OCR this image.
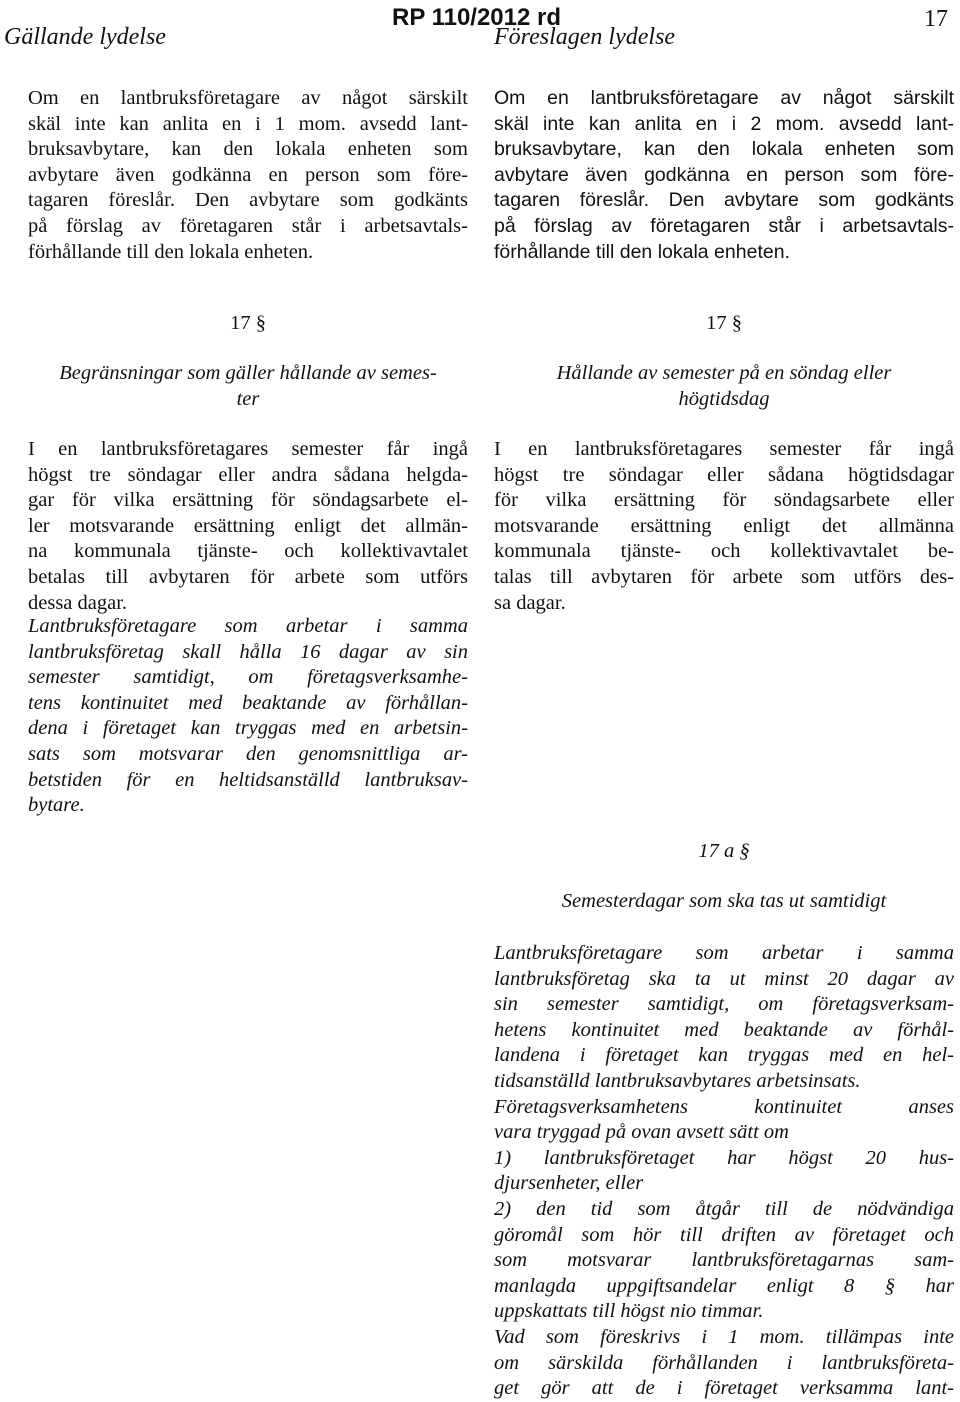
Gällande lydelse
RP 110/2012 rd
Föreslagen lydelse
17
Om en lantbruksföretagare av något särskilt
skäl inte kan anlita en i 1 mom. avsedd lant-
bruksavbytare, kan den lokala enheten som
avbytare även godkänna en person som före-
tagaren föreslår. Den avbytare som godkänts
på förslag av företagaren står i arbetsavtals-
förhållande till den lokala enheten.
17 §
Begränsningar som gäller hållande av semes-
ter
I en lantbruksföretagares semester får ingå
högst tre söndagar eller andra sådana helgda-
gar för vilka ersättning för söndagsarbete el-
ler motsvarande ersättning enligt det allmän-
na kommunala tjänste- och kollektivavtalet
betalas till avbytaren för arbete som utförs
dessa dagar.
Lantbruksföretagare som arbetar i samma
lantbruksföretag skall hålla 16 dagar av sin
semester samtidigt, om företagsverksamhe-
tens kontinuitet med beaktande av förhållan-
dena i företaget kan tryggas med en arbetsin-
sats som motsvarar den genomsnittliga ar-
betstiden för en heltidsanställd lantbruksav-
bytare.
Om en lantbruksföretagare av något särskilt
skäl inte kan anlita en i 2 mom. avsedd lant-
bruksavbytare, kan den lokala enheten som
avbytare även godkänna en person som före-
tagaren föreslår. Den avbytare som godkänts
på förslag av företagaren står i arbetsavtals-
förhållande till den lokala enheten.
17 §
Hållande av semester på en söndag eller
högtidsdag
I en lantbruksföretagares semester får ingå
högst tre söndagar eller sådana högtidsdagar
för vilka ersättning för söndagsarbete eller
motsvarande ersättning enligt det allmänna
kommunala tjänste- och kollektivavtalet be-
talas till avbytaren för arbete som utförs des-
sa dagar.
17 a §
Semesterdagar som ska tas ut samtidigt
Lantbruksföretagare som arbetar i samma
lantbruksföretag ska ta ut minst 20 dagar av
sin semester samtidigt, om företagsverksam-
hetens kontinuitet med beaktande av förhål-
landena i företaget kan tryggas med en hel-
tidsanställd lantbruksavbytares arbetsinsats.
Företagsverksamhetens kontinuitet anses
vara tryggad på ovan avsett sätt om
1) lantbruksföretaget har högst 20 hus-
djursenheter, eller
2) den tid som åtgår till de nödvändiga
göromål som hör till driften av företaget och
som motsvarar lantbruksföretagarnas sam-
manlagda uppgiftsandelar enligt 8 § har
uppskattats till högst nio timmar.
Vad som föreskrivs i 1 mom. tillämpas inte
om särskilda förhållanden i lantbruksföreta-
get gör att de i företaget verksamma lant-
